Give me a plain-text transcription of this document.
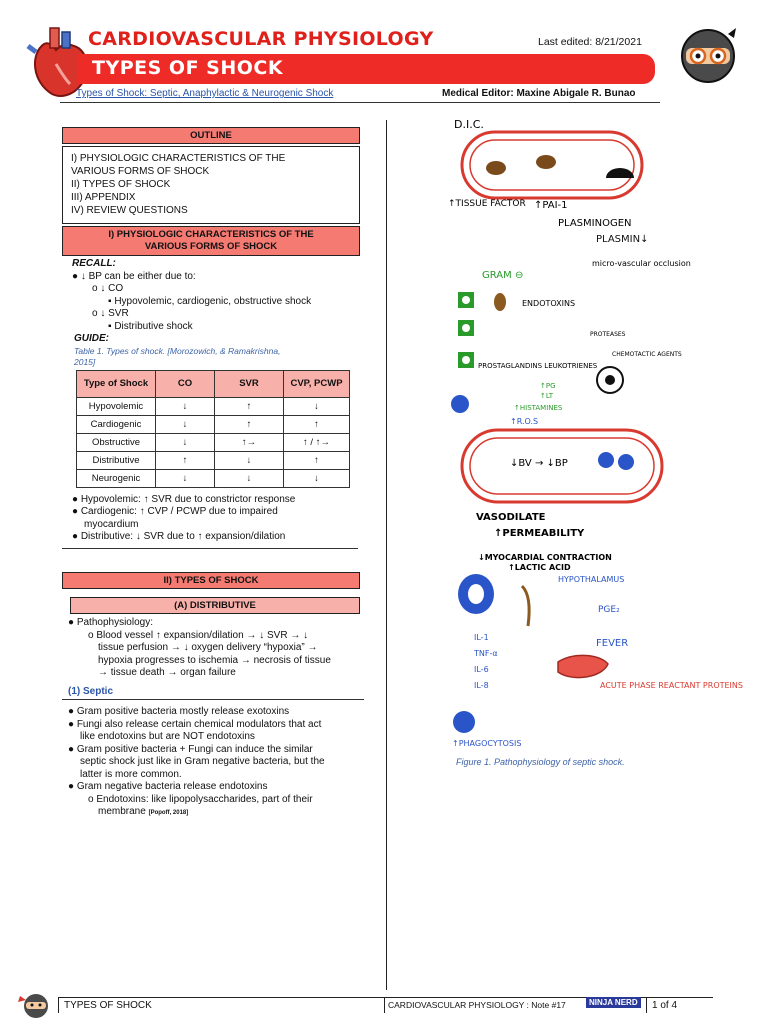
CARDIOVASCULAR PHYSIOLOGY	Last edited: 8/21/2021
TYPES OF SHOCK
Types of Shock: Septic, Anaphylactic & Neurogenic Shock	Medical Editor: Maxine Abigale R. Bunao
OUTLINE
I) PHYSIOLOGIC CHARACTERISTICS OF THE
VARIOUS FORMS OF SHOCK
II) TYPES OF SHOCK
III) APPENDIX
IV) REVIEW QUESTIONS
I) PHYSIOLOGIC CHARACTERISTICS OF THE
VARIOUS FORMS OF SHOCK
RECALL:
● ↓ BP can be either due to:
o ↓ CO
▪ Hypovolemic, cardiogenic, obstructive shock
o ↓ SVR
▪ Distributive shock
GUIDE:
Table 1. Types of shock. [Morozowich, & Ramakrishna,
2015]
Type of Shock	CO	SVR	CVP, PCWP
Hypovolemic	↓	↑	↓
Cardiogenic	↓	↑	↑
Obstructive	↓	↑→	↑ / ↑→
Distributive	↑	↓	↑
Neurogenic	↓	↓	↓
● Hypovolemic: ↑ SVR due to constrictor response
● Cardiogenic: ↑ CVP / PCWP due to impaired
myocardium
● Distributive: ↓ SVR due to ↑ expansion/dilation
II) TYPES OF SHOCK
(A) DISTRIBUTIVE
● Pathophysiology:
o Blood vessel ↑ expansion/dilation → ↓ SVR → ↓
tissue perfusion → ↓ oxygen delivery “hypoxia” →
hypoxia progresses to ischemia → necrosis of tissue
→ tissue death → organ failure
(1) Septic
● Gram positive bacteria mostly release exotoxins
● Fungi also release certain chemical modulators that act
like endotoxins but are NOT endotoxins
● Gram positive bacteria + Fungi can induce the similar
septic shock just like in Gram negative bacteria, but the
latter is more common.
● Gram negative bacteria release endotoxins
o Endotoxins: like lipopolysaccharides, part of their
membrane [Popoff, 2018]
D.I.C.
↑TISSUE FACTOR ↑PAI-1
PLASMINOGEN
PLASMIN↓
micro-vascular occlusion
GRAM ⊖
ENDOTOXINS
PROTEASES
CHEMOTACTIC AGENTS
PROSTAGLANDINS LEUKOTRIENES
↑PG
↑LT
↑HISTAMINES
↑R.O.S
↓BV → ↓BP
VASODILATE
↑PERMEABILITY
↓MYOCARDIAL CONTRACTION
↑LACTIC ACID
HYPOTHALAMUS
PGE₂
FEVER
IL-1
TNF-α
IL-6
IL-8	ACUTE PHASE REACTANT PROTEINS
↑PHAGOCYTOSIS
Figure 1. Pathophysiology of septic shock.
TYPES OF SHOCK	CARDIOVASCULAR PHYSIOLOGY : Note #17	NINJA NERD	1 of 4
